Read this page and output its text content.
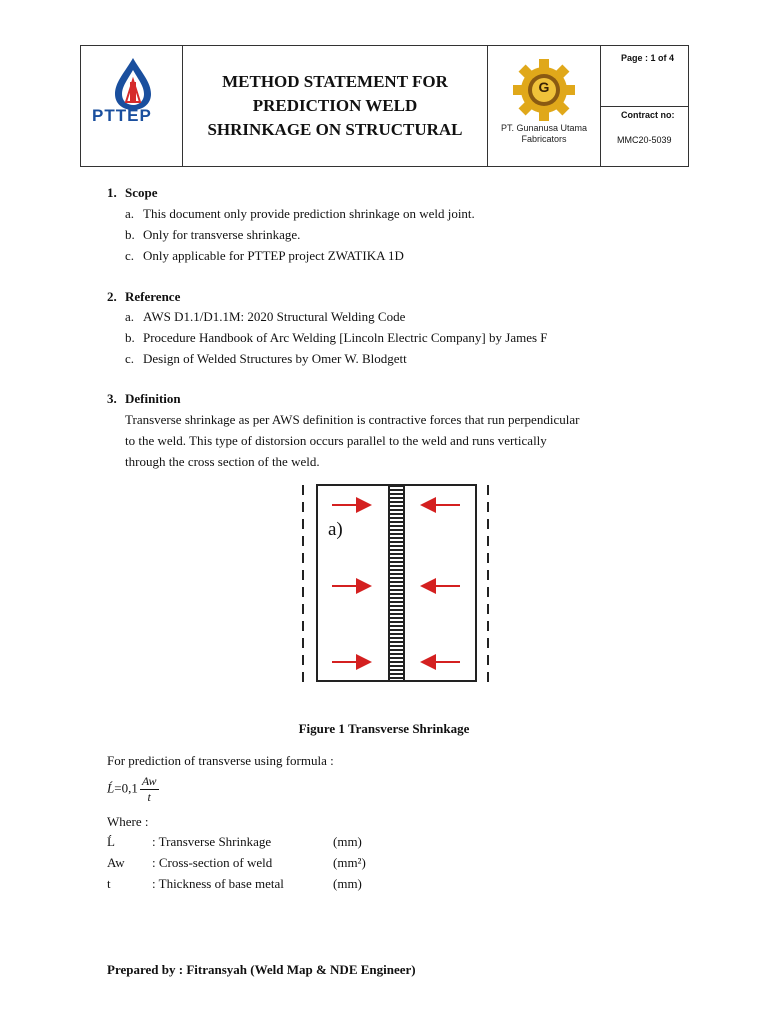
PTTEP
METHOD STATEMENT FOR
PREDICTION WELD
SHRINKAGE ON STRUCTURAL
G
PT. Gunanusa Utama
Fabricators
Page : 1 of 4
Contract no:
MMC20-5039
1. Scope
a. This document only provide prediction shrinkage on weld joint.
b. Only for transverse shrinkage.
c. Only applicable for PTTEP project ZWATIKA 1D
2. Reference
a. AWS D1.1/D1.1M: 2020 Structural Welding Code
b. Procedure Handbook of Arc Welding [Lincoln Electric Company] by James F
c. Design of Welded Structures by Omer W. Blodgett
3. Definition
Transverse shrinkage as per AWS definition is contractive forces that run perpendicular
to the weld. This type of distorsion occurs parallel to the weld and runs vertically
through the cross section of the weld.
a)
Figure 1 Transverse Shrinkage
For prediction of transverse using formula :
Ĺ=0,1 $\frac{Aw}{t}$
Where :
Ĺ	: Transverse Shrinkage	(mm)
Aw : Cross-section of weld	(mm²)
t	: Thickness of base metal	(mm)
Prepared by : Fitransyah (Weld Map & NDE Engineer)
